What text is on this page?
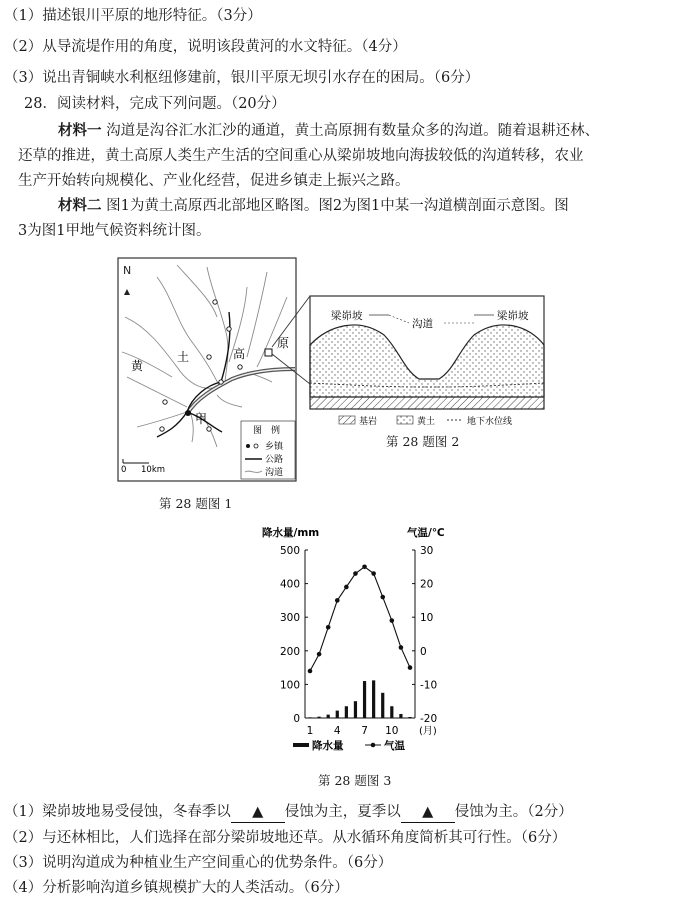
（1）描述银川平原的地形特征。（3分）
（2）从导流堤作用的角度，说明该段黄河的水文特征。（4分）
（3）说出青铜峡水利枢纽修建前，银川平原无坝引水存在的困局。（6分）
28．阅读材料，完成下列问题。（20分）
材料一 沟道是沟谷汇水汇沙的通道，黄土高原拥有数量众多的沟道。随着退耕还林、
还草的推进，黄土高原人类生产生活的空间重心从梁峁坡地向海拔较低的沟道转移，农业
生产开始转向规模化、产业化经营，促进乡镇走上振兴之路。
材料二 图1为黄土高原西北部地区略图。图2为图1中某一沟道横剖面示意图。图
3为图1甲地气候资料统计图。
N
黄
土	高
原
甲
图　例
乡镇
公路
沟道
0 10km
梁峁坡
沟道
梁峁坡
基岩	黄土	地下水位线
第 28 题图 2
第 28 题图 1
降水量/mm	气温/℃
0
100
200
300
400
500
-20
-10
0
10
20
30
1 4 7 10 (月)
降水量	气温
第 28 题图 3
（1）梁峁坡地易受侵蚀，冬春季以 ▲ 侵蚀为主，夏季以 ▲ 侵蚀为主。（2分）
（2）与还林相比，人们选择在部分梁峁坡地还草。从水循环角度简析其可行性。（6分）
（3）说明沟道成为种植业生产空间重心的优势条件。（6分）
（4）分析影响沟道乡镇规模扩大的人类活动。（6分）
